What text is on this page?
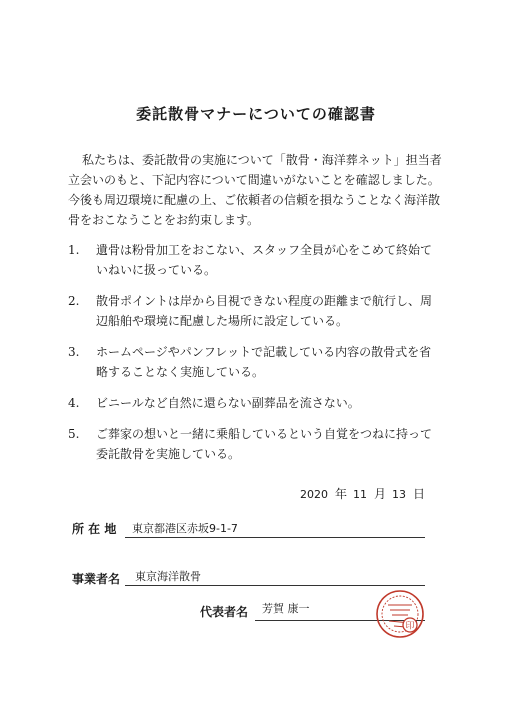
委託散骨マナーについての確認書
私たちは、委託散骨の実施について「散骨・海洋葬ネット」担当者立会いのもと、下記内容について間違いがないことを確認しました。今後も周辺環境に配慮の上、ご依頼者の信頼を損なうことなく海洋散骨をおこなうことをお約束します。
1. 遺骨は粉骨加工をおこない、スタッフ全員が心をこめて終始ていねいに扱っている。
2. 散骨ポイントは岸から目視できない程度の距離まで航行し、周辺船舶や環境に配慮した場所に設定している。
3. ホームページやパンフレットで記載している内容の散骨式を省略することなく実施している。
4. ビニールなど自然に還らない副葬品を流さない。
5. ご葬家の想いと一緒に乗船しているという自覚をつねに持って委託散骨を実施している。
2020 年 11 月 13 日
所 在 地 東京都港区赤坂9-1-7
事業者名 東京海洋散骨
代表者名 芳賀 康一
印
